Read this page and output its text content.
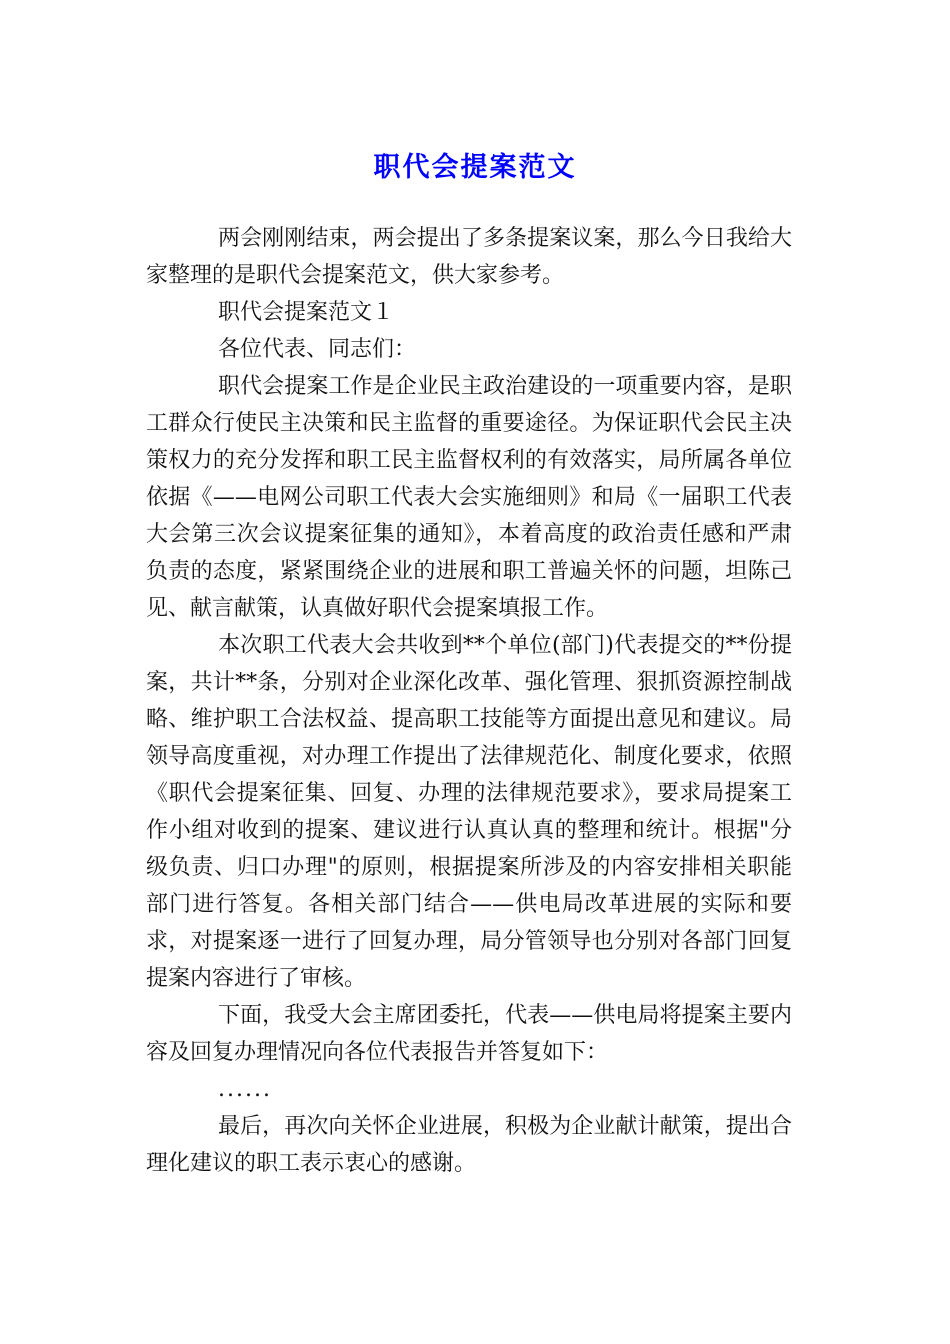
职代会提案范文

两会刚刚结束，两会提出了多条提案议案，那么今日我给大家整理的是职代会提案范文，供大家参考。

职代会提案范文１

各位代表、同志们：

职代会提案工作是企业民主政治建设的一项重要内容，是职工群众行使民主决策和民主监督的重要途径。为保证职代会民主决策权力的充分发挥和职工民主监督权利的有效落实，局所属各单位依据《——电网公司职工代表大会实施细则》和局《一届职工代表大会第三次会议提案征集的通知》，本着高度的政治责任感和严肃负责的态度，紧紧围绕企业的进展和职工普遍关怀的问题，坦陈己见、献言献策，认真做好职代会提案填报工作。

本次职工代表大会共收到**个单位(部门)代表提交的**份提案，共计**条，分别对企业深化改革、强化管理、狠抓资源控制战略、维护职工合法权益、提高职工技能等方面提出意见和建议。局领导高度重视，对办理工作提出了法律规范化、制度化要求，依照《职代会提案征集、回复、办理的法律规范要求》，要求局提案工作小组对收到的提案、建议进行认真认真的整理和统计。根据"分级负责、归口办理"的原则，根据提案所涉及的内容安排相关职能部门进行答复。各相关部门结合——供电局改革进展的实际和要求，对提案逐一进行了回复办理，局分管领导也分别对各部门回复提案内容进行了审核。

下面，我受大会主席团委托，代表——供电局将提案主要内容及回复办理情况向各位代表报告并答复如下：

......

最后，再次向关怀企业进展，积极为企业献计献策，提出合理化建议的职工表示衷心的感谢。
